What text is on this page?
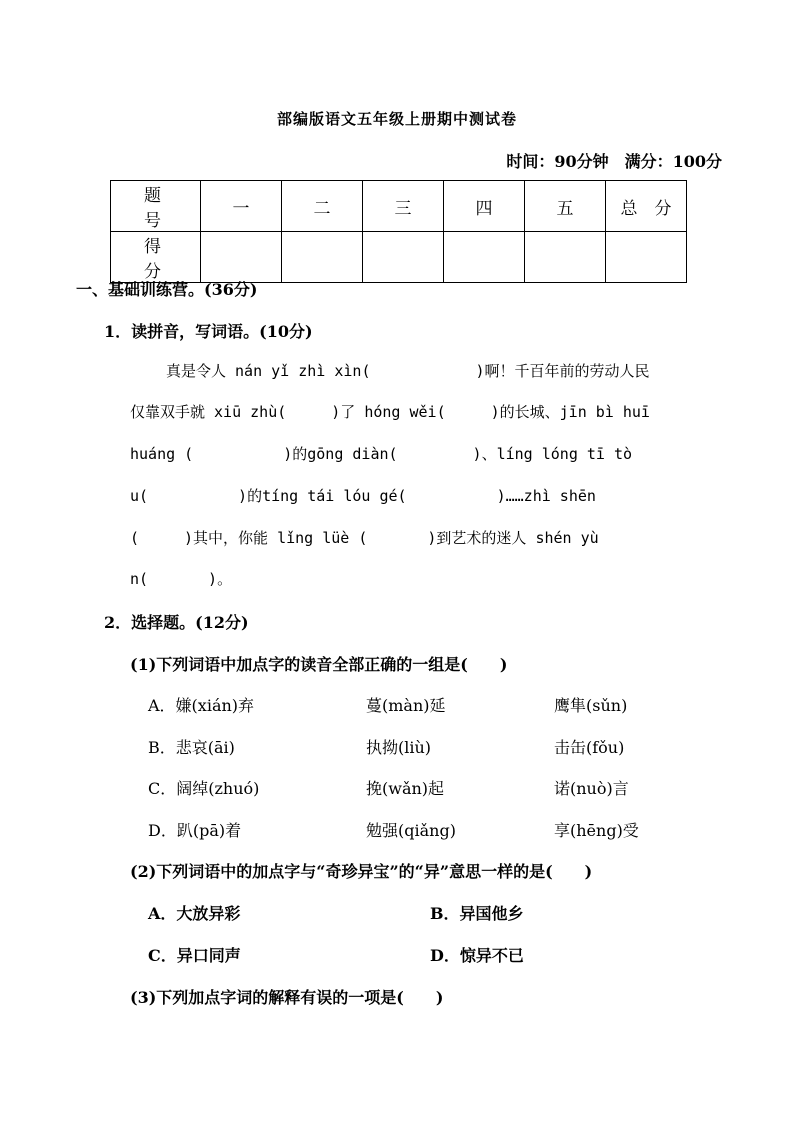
部编版语文五年级上册期中测试卷
时间：90分钟　满分：100分
题　号	一	二	三	四	五	总　分
得　分						
一、基础训练营。(36分)
1．读拼音，写词语。(10分)
真是令人 nán yǐ zhì xìn(　　　　　　　)啊！千百年前的劳动人民
仅靠双手就 xiū zhù(　　　)了 hóng wěi(　　　)的长城、jīn bì huī
huáng (　　　　　　)的gōng diàn(　　　　　)、líng lóng tī tò
u(　　　　　　)的tíng tái lóu gé(　　　　　　)……zhì shēn
(　　　)其中，你能 lǐng lüè (　　　　)到艺术的迷人 shén yù
n(　　　　)。
2．选择题。(12分)
(1)下列词语中加点字的读音全部正确的一组是(　　)
A．嫌(xián)弃	蔓(màn)延	鹰隼(sǔn)
B．悲哀(āi)	执拗(liù)	击缶(fǒu)
C．阔绰(zhuó)	挽(wǎn)起	诺(nuò)言
D．趴(pā)着	勉强(qiǎng)	享(hēng)受
(2)下列词语中的加点字与“奇珍异宝”的“异”意思一样的是(　　)
A．大放异彩	B．异国他乡
C．异口同声	D．惊异不已
(3)下列加点字词的解释有误的一项是(　　)
